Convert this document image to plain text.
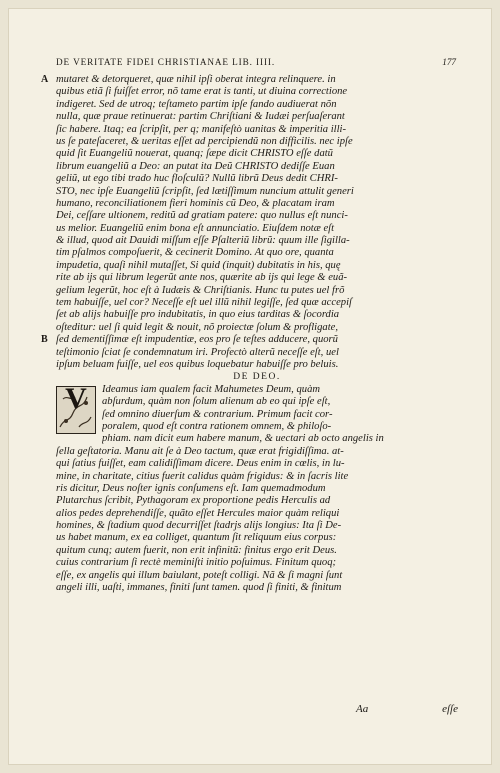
DE VERITATE FIDEI CHRISTIANAE LIB. IIII.	177
A mutaret & detorqueret, quæ nihil ipſi oberat integra relinquere. in
quibus etiã ſi fuiſſet error, nõ tame erat is tanti, ut diuina correctione
indigeret. Sed de utroq; teſtameto partim ipſe fando audiuerat nõn
nulla, quæ praue retinuerat: partim Chriſtiani & Iudæi perſuaſerant
ſic habere. Itaq; ea ſcripſit, per q; manifeſtò uanitas & imperitia illi-
us ſe pateſaceret, & ueritas eſſet ad percipiendũ non difficilis. nec ipſe
quid ſit Euangeliũ nouerat, quanq; ſæpe dicit CHRISTO eſſe datũ
librum euangeliũ a Deo: an putat ita Deũ CHRISTO dediſſe Euan
geliũ, ut ego tibi trado huc floſculũ? Nullũ librũ Deus dedit CHRI-
STO, nec ipſe Euangeliũ ſcripſit, ſed lætiſſimum nuncium attulit generi
humano, reconciliationem fieri hominis cũ Deo, & placatam iram
Dei, ceſſare ultionem, reditũ ad gratiam patere: quo nullus eſt nunci-
us melior. Euangeliũ enim bona eſt annunciatio. Eiuſdem notæ eſt
& illud, quod ait Dauidi miſſum eſſe Pſalteriũ librũ: quum ille ſigilla-
tim pſalmos compoſuerit, & cecinerit Domino. At quo ore, quanta
impudetia, quaſi nihil mutaſſet, Si quid (inquit) dubitatis in his, quę
rite ab ijs qui librum legerũt ante nos, quærite ab ijs qui lege & euã-
gelium legerũt, hoc eſt à Iudæis & Chriſtianis. Hunc tu putes uel frõ
tem habuiſſe, uel cor? Neceſſe eſt uel illũ nihil legiſſe, ſed quæ accepiſ
ſet ab alijs habuiſſe pro indubitatis, in quo eius tarditas & ſocordia
oſteditur: uel ſi quid legit & nouit, nõ proiectæ ſolum & profligate,
ſed dementiſſimæ eſt impudentiæ, eos pro ſe teſtes adducere, quorũ
teſtimonio ſciat ſe condemnatum iri. Profectò alterũ neceſſe eſt, uel
ipſum beluam fuiſſe, uel eos quibus loquebatur habuiſſe pro beluis.
B
DE DEO.
V	Ideamus iam qualem facit Mahumetes Deum, quàm
abſurdum, quàm non ſolum alienum ab eo qui ipſe eſt,
ſed omnino diuerſum & contrarium. Primum facit cor-
poralem, quod eſt contra rationem omnem, & philoſo-
phiam. nam dicit eum habere manum, & uectari ab octo angelis in
ſella geſtatoria. Manu ait ſe à Deo tactum, quæ erat frigidiſſima. at-
qui ſatius fuiſſet, eam calidiſſimam dicere. Deus enim in cœlis, in lu-
mine, in charitate, citius fuerit calidus quàm frigidus: & in ſacris lite
ris dicitur, Deus noſter ignis conſumens eſt. Iam quemadmodum
Plutarchus ſcribit, Pythagoram ex proportione pedis Herculis ad
alios pedes deprehendiſſe, quãto eſſet Hercules maior quàm reliqui
homines, & ſtadium quod decurriſſet ſtadrjs alijs longius: Ita ſi De-
us habet manum, ex ea colliget, quantum ſit reliquum eius corpus:
quitum cunq; autem fuerit, non erit infinitũ: finitus ergo erit Deus.
cuius contrarium ſi rectè meminiſti initio poſuimus. Finitum quoq;
eſſe, ex angelis qui illum baiulant, poteſt colligi. Nã & ſi magni ſunt
angeli illi, uaſti, immanes, finiti ſunt tamen. quod ſi finiti, & finitum
Aa	eſſe
